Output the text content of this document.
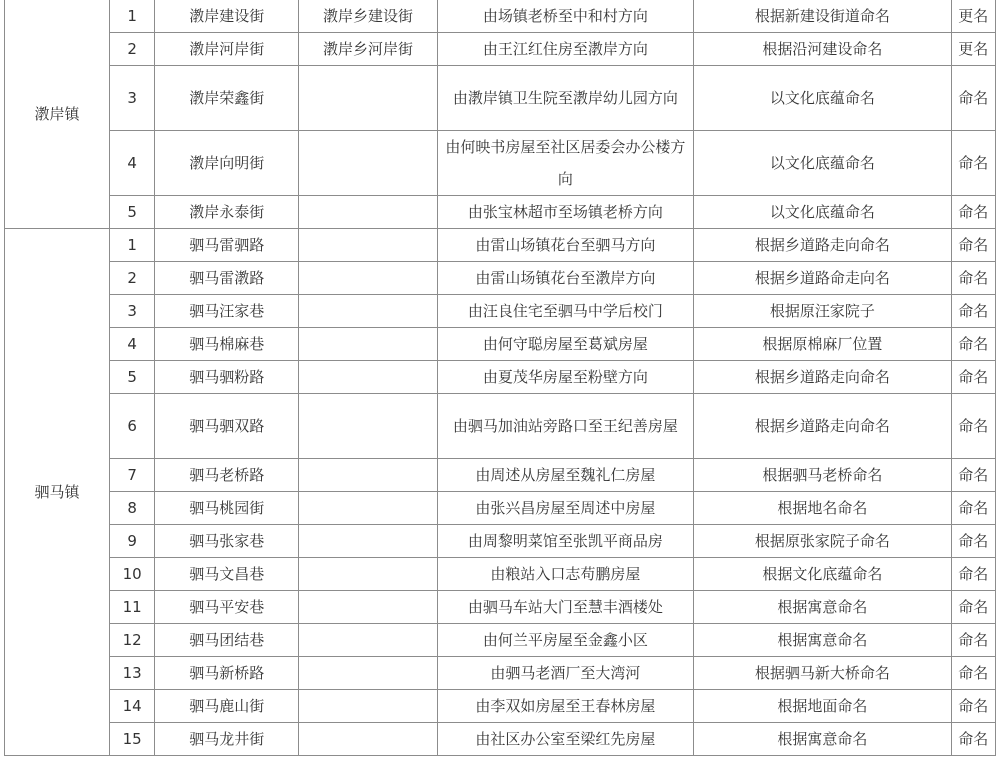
漖岸镇	1	漖岸建设街	漖岸乡建设街	由场镇老桥至中和村方向	根据新建设街道命名	更名
	2	漖岸河岸街	漖岸乡河岸街	由王江红住房至漖岸方向	根据沿河建设命名	更名
	3	漖岸荣鑫街		由漖岸镇卫生院至漖岸幼儿园方向	以文化底蕴命名	命名
	4	漖岸向明街		由何映书房屋至社区居委会办公楼方向	以文化底蕴命名	命名
	5	漖岸永泰街		由张宝林超市至场镇老桥方向	以文化底蕴命名	命名
驷马镇	1	驷马雷驷路		由雷山场镇花台至驷马方向	根据乡道路走向命名	命名
	2	驷马雷漖路		由雷山场镇花台至漖岸方向	根据乡道路命走向名	命名
	3	驷马汪家巷		由汪良住宅至驷马中学后校门	根据原汪家院子	命名
	4	驷马棉麻巷		由何守聪房屋至葛斌房屋	根据原棉麻厂位置	命名
	5	驷马驷粉路		由夏茂华房屋至粉壁方向	根据乡道路走向命名	命名
	6	驷马驷双路		由驷马加油站旁路口至王纪善房屋	根据乡道路走向命名	命名
	7	驷马老桥路		由周述从房屋至魏礼仁房屋	根据驷马老桥命名	命名
	8	驷马桃园街		由张兴昌房屋至周述中房屋	根据地名命名	命名
	9	驷马张家巷		由周黎明菜馆至张凯平商品房	根据原张家院子命名	命名
	10	驷马文昌巷		由粮站入口志苟鹏房屋	根据文化底蕴命名	命名
	11	驷马平安巷		由驷马车站大门至慧丰酒楼处	根据寓意命名	命名
	12	驷马团结巷		由何兰平房屋至金鑫小区	根据寓意命名	命名
	13	驷马新桥路		由驷马老酒厂至大湾河	根据驷马新大桥命名	命名
	14	驷马鹿山街		由李双如房屋至王春林房屋	根据地面命名	命名
	15	驷马龙井街		由社区办公室至梁红先房屋	根据寓意命名	命名
